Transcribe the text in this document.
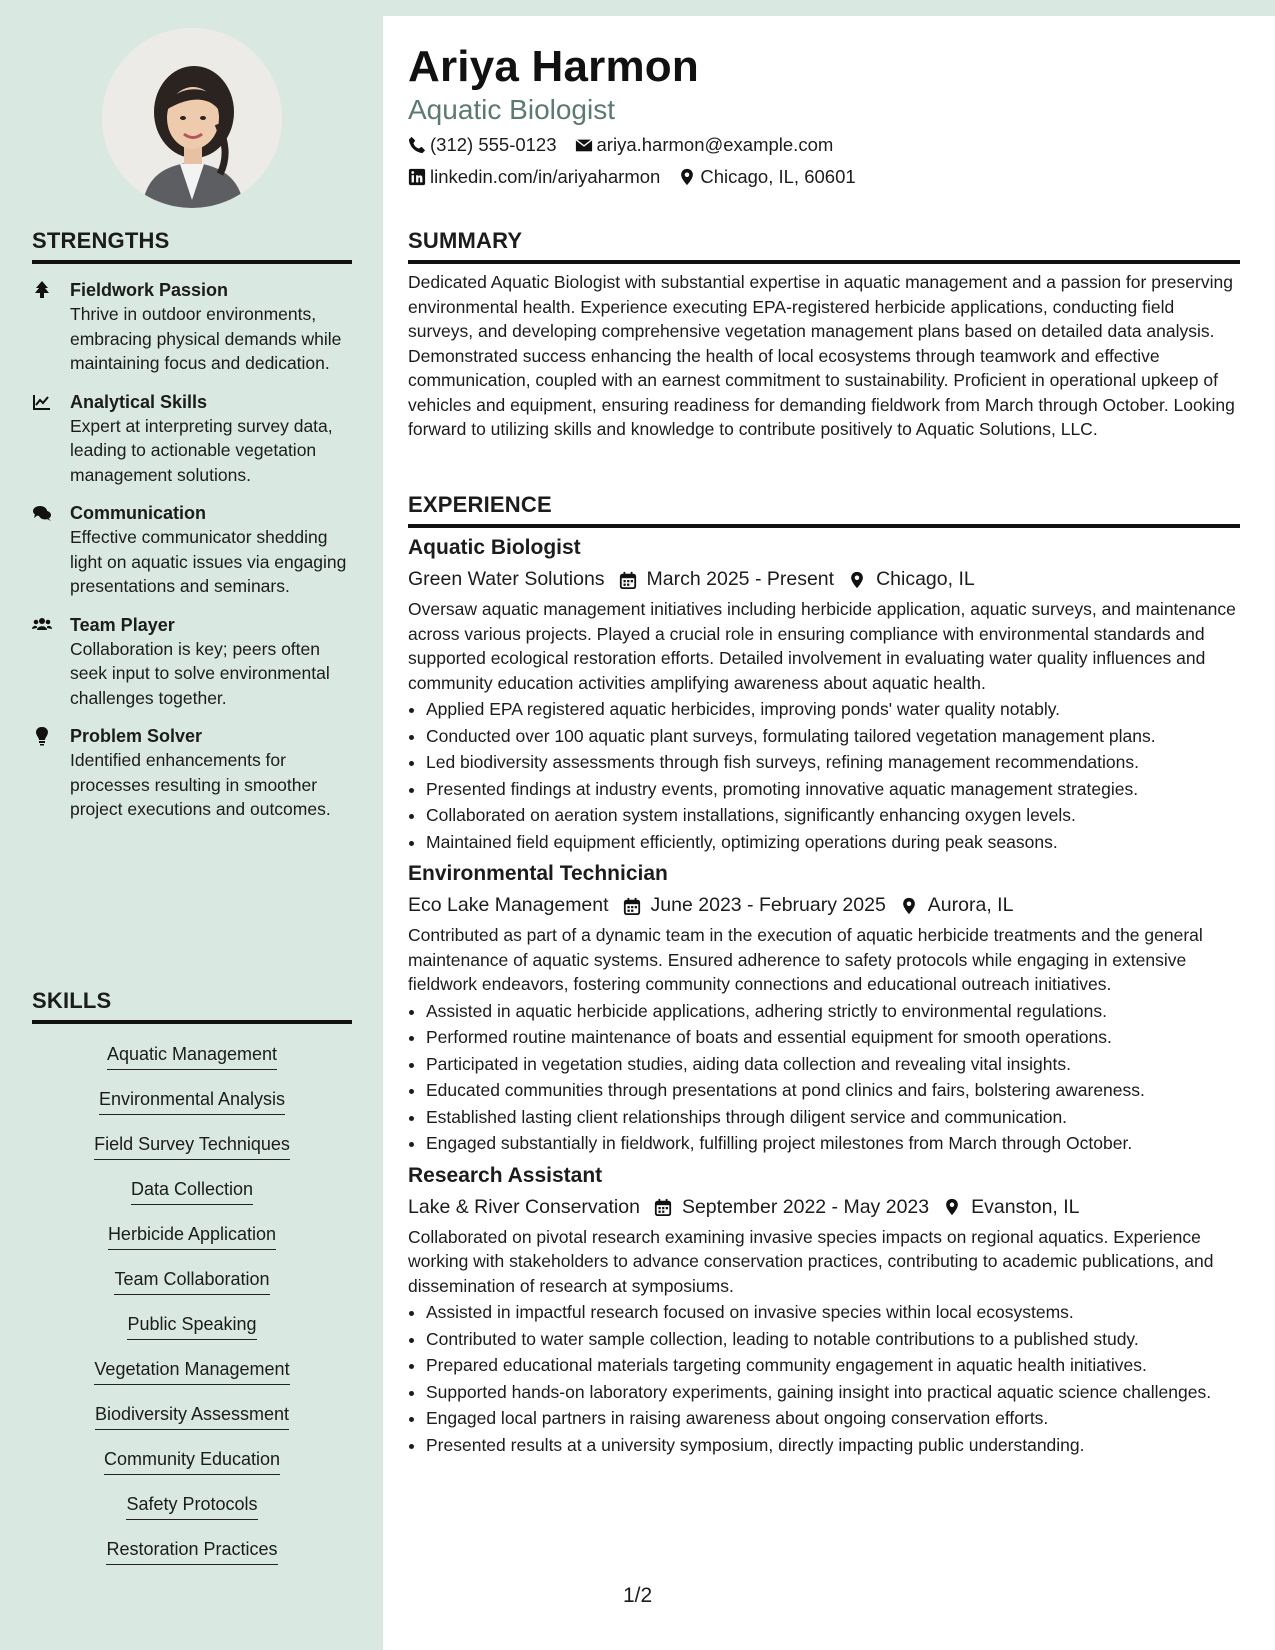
STRENGTHS
Fieldwork Passion
Thrive in outdoor environments, embracing physical demands while maintaining focus and dedication.
Analytical Skills
Expert at interpreting survey data, leading to actionable vegetation management solutions.
Communication
Effective communicator shedding light on aquatic issues via engaging presentations and seminars.
Team Player
Collaboration is key; peers often seek input to solve environmental challenges together.
Problem Solver
Identified enhancements for processes resulting in smoother project executions and outcomes.
SKILLS
Aquatic Management
Environmental Analysis
Field Survey Techniques
Data Collection
Herbicide Application
Team Collaboration
Public Speaking
Vegetation Management
Biodiversity Assessment
Community Education
Safety Protocols
Restoration Practices
Ariya Harmon
Aquatic Biologist
(312) 555-0123 ariya.harmon@example.com
linkedin.com/in/ariyaharmon Chicago, IL, 60601
SUMMARY
Dedicated Aquatic Biologist with substantial expertise in aquatic management and a passion for preserving environmental health. Experience executing EPA-registered herbicide applications, conducting field surveys, and developing comprehensive vegetation management plans based on detailed data analysis. Demonstrated success enhancing the health of local ecosystems through teamwork and effective communication, coupled with an earnest commitment to sustainability. Proficient in operational upkeep of vehicles and equipment, ensuring readiness for demanding fieldwork from March through October. Looking forward to utilizing skills and knowledge to contribute positively to Aquatic Solutions, LLC.
EXPERIENCE
Aquatic Biologist
Green Water Solutions March 2025 - Present Chicago, IL
Oversaw aquatic management initiatives including herbicide application, aquatic surveys, and maintenance across various projects. Played a crucial role in ensuring compliance with environmental standards and supported ecological restoration efforts. Detailed involvement in evaluating water quality influences and community education activities amplifying awareness about aquatic health.
• Applied EPA registered aquatic herbicides, improving ponds' water quality notably.
• Conducted over 100 aquatic plant surveys, formulating tailored vegetation management plans.
• Led biodiversity assessments through fish surveys, refining management recommendations.
• Presented findings at industry events, promoting innovative aquatic management strategies.
• Collaborated on aeration system installations, significantly enhancing oxygen levels.
• Maintained field equipment efficiently, optimizing operations during peak seasons.
Environmental Technician
Eco Lake Management June 2023 - February 2025 Aurora, IL
Contributed as part of a dynamic team in the execution of aquatic herbicide treatments and the general maintenance of aquatic systems. Ensured adherence to safety protocols while engaging in extensive fieldwork endeavors, fostering community connections and educational outreach initiatives.
• Assisted in aquatic herbicide applications, adhering strictly to environmental regulations.
• Performed routine maintenance of boats and essential equipment for smooth operations.
• Participated in vegetation studies, aiding data collection and revealing vital insights.
• Educated communities through presentations at pond clinics and fairs, bolstering awareness.
• Established lasting client relationships through diligent service and communication.
• Engaged substantially in fieldwork, fulfilling project milestones from March through October.
Research Assistant
Lake & River Conservation September 2022 - May 2023 Evanston, IL
Collaborated on pivotal research examining invasive species impacts on regional aquatics. Experience working with stakeholders to advance conservation practices, contributing to academic publications, and dissemination of research at symposiums.
• Assisted in impactful research focused on invasive species within local ecosystems.
• Contributed to water sample collection, leading to notable contributions to a published study.
• Prepared educational materials targeting community engagement in aquatic health initiatives.
• Supported hands-on laboratory experiments, gaining insight into practical aquatic science challenges.
• Engaged local partners in raising awareness about ongoing conservation efforts.
• Presented results at a university symposium, directly impacting public understanding.
1/2
